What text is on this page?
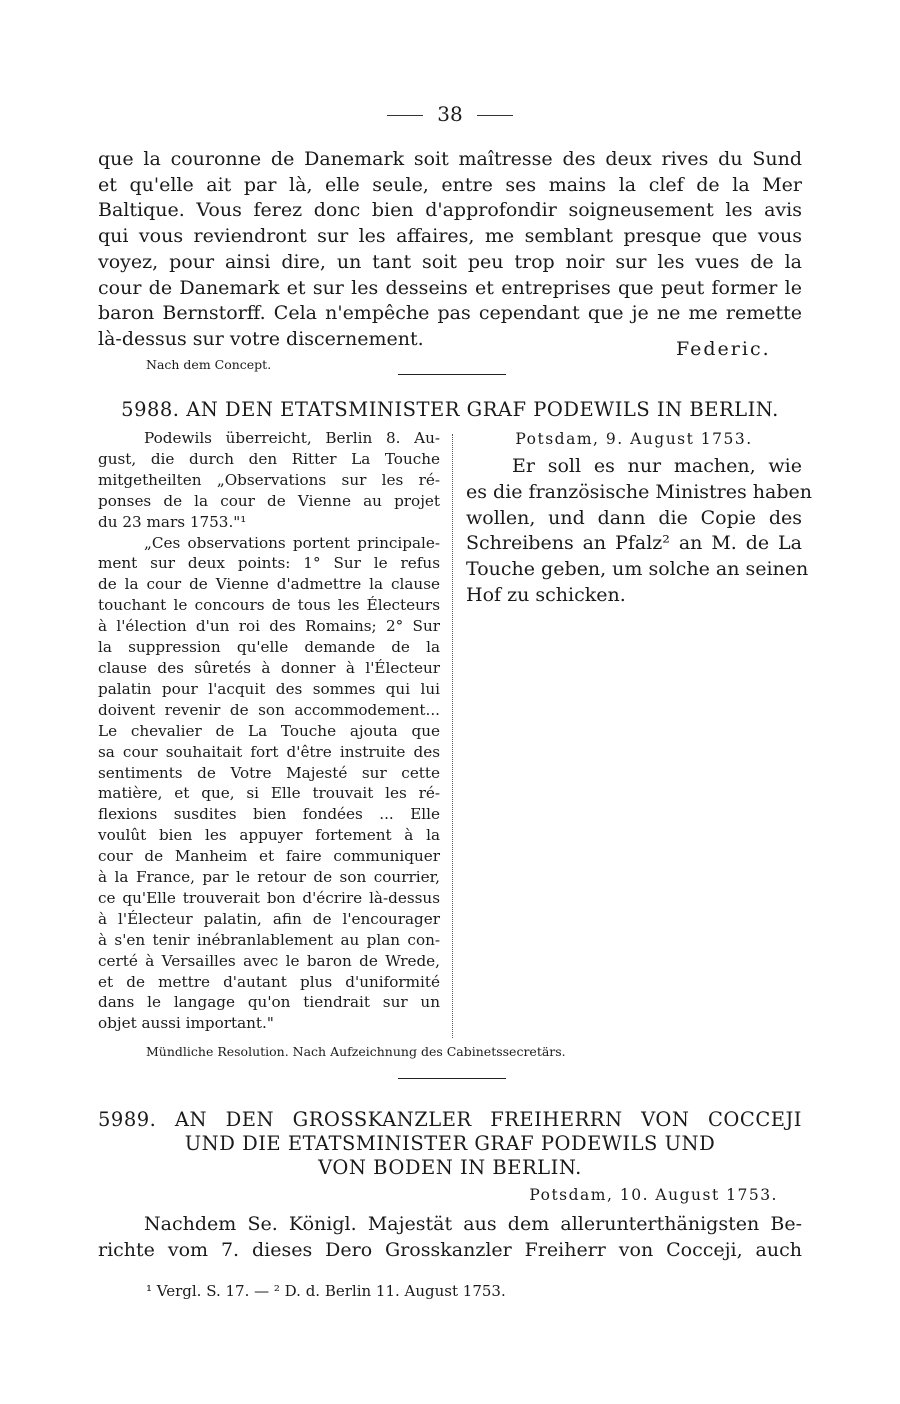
38
que la couronne de Danemark soit maîtresse des deux rives du Sund
et qu'elle ait par là, elle seule, entre ses mains la clef de la Mer
Baltique. Vous ferez donc bien d'approfondir soigneusement les avis
qui vous reviendront sur les affaires, me semblant presque que vous
voyez, pour ainsi dire, un tant soit peu trop noir sur les vues de la
cour de Danemark et sur les desseins et entreprises que peut former le
baron Bernstorff. Cela n'empêche pas cependant que je ne me remette
là-dessus sur votre discernement.	Federic.
Nach dem Concept.
5988. AN DEN ETATSMINISTER GRAF PODEWILS IN BERLIN.
Podewils überreicht, Berlin 8. Au-
gust, die durch den Ritter La Touche
mitgetheilten „Observations sur les ré-
ponses de la cour de Vienne au projet
du 23 mars 1753."¹
„Ces observations portent principale-
ment sur deux points: 1° Sur le refus
de la cour de Vienne d'admettre la clause
touchant le concours de tous les Électeurs
à l'élection d'un roi des Romains; 2° Sur
la suppression qu'elle demande de la
clause des sûretés à donner à l'Électeur
palatin pour l'acquit des sommes qui lui
doivent revenir de son accommodement...
Le chevalier de La Touche ajouta que
sa cour souhaitait fort d'être instruite des
sentiments de Votre Majesté sur cette
matière, et que, si Elle trouvait les ré-
flexions susdites bien fondées ... Elle
voulût bien les appuyer fortement à la
cour de Manheim et faire communiquer
à la France, par le retour de son courrier,
ce qu'Elle trouverait bon d'écrire là-dessus
à l'Électeur palatin, afin de l'encourager
à s'en tenir inébranlablement au plan con-
certé à Versailles avec le baron de Wrede,
et de mettre d'autant plus d'uniformité
dans le langage qu'on tiendrait sur un
objet aussi important."
Potsdam, 9. August 1753.
Er soll es nur machen, wie
es die französische Ministres haben
wollen, und dann die Copie des
Schreibens an Pfalz² an M. de La
Touche geben, um solche an seinen
Hof zu schicken.
Mündliche Resolution. Nach Aufzeichnung des Cabinetssecretärs.
5989. AN DEN GROSSKANZLER FREIHERRN VON COCCEJI
UND DIE ETATSMINISTER GRAF PODEWILS UND
VON BODEN IN BERLIN.
Potsdam, 10. August 1753.
Nachdem Se. Königl. Majestät aus dem allerunterthänigsten Be-
richte vom 7. dieses Dero Grosskanzler Freiherr von Cocceji, auch
¹ Vergl. S. 17. — ² D. d. Berlin 11. August 1753.
